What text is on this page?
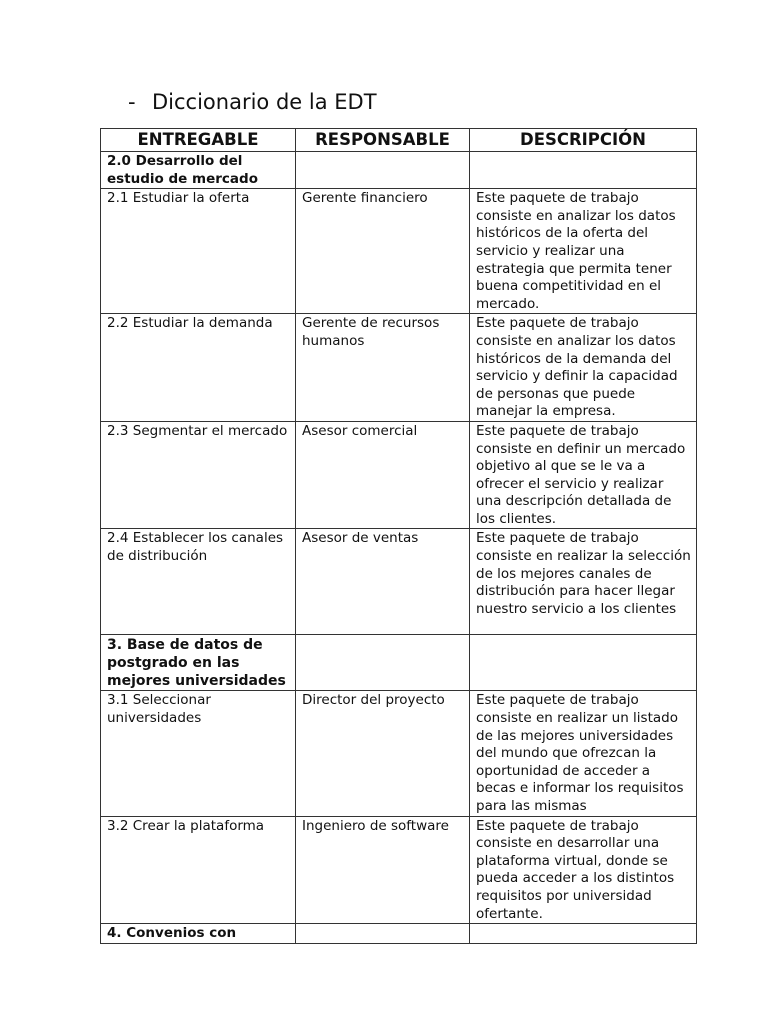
- Diccionario de la EDT
ENTREGABLE	RESPONSABLE	DESCRIPCIÓN
2.0 Desarrollo del estudio de mercado		
2.1 Estudiar la oferta	Gerente financiero	Este paquete de trabajo consiste en analizar los datos históricos de la oferta del servicio y realizar una estrategia que permita tener buena competitividad en el mercado.
2.2 Estudiar la demanda	Gerente de recursos humanos	Este paquete de trabajo consiste en analizar los datos históricos de la demanda del servicio y definir la capacidad de personas que puede manejar la empresa.
2.3 Segmentar el mercado	Asesor comercial	Este paquete de trabajo consiste en definir un mercado objetivo al que se le va a ofrecer el servicio y realizar una descripción detallada de los clientes.
2.4 Establecer los canales de distribución	Asesor de ventas	Este paquete de trabajo consiste en realizar la selección de los mejores canales de distribución para hacer llegar nuestro servicio a los clientes
3. Base de datos de postgrado en las mejores universidades		
3.1 Seleccionar universidades	Director del proyecto	Este paquete de trabajo consiste en realizar un listado de las mejores universidades del mundo que ofrezcan la oportunidad de acceder a becas e informar los requisitos para las mismas
3.2 Crear la plataforma	Ingeniero de software	Este paquete de trabajo consiste en desarrollar una plataforma virtual, donde se pueda acceder a los distintos requisitos por universidad ofertante.
4. Convenios con		
